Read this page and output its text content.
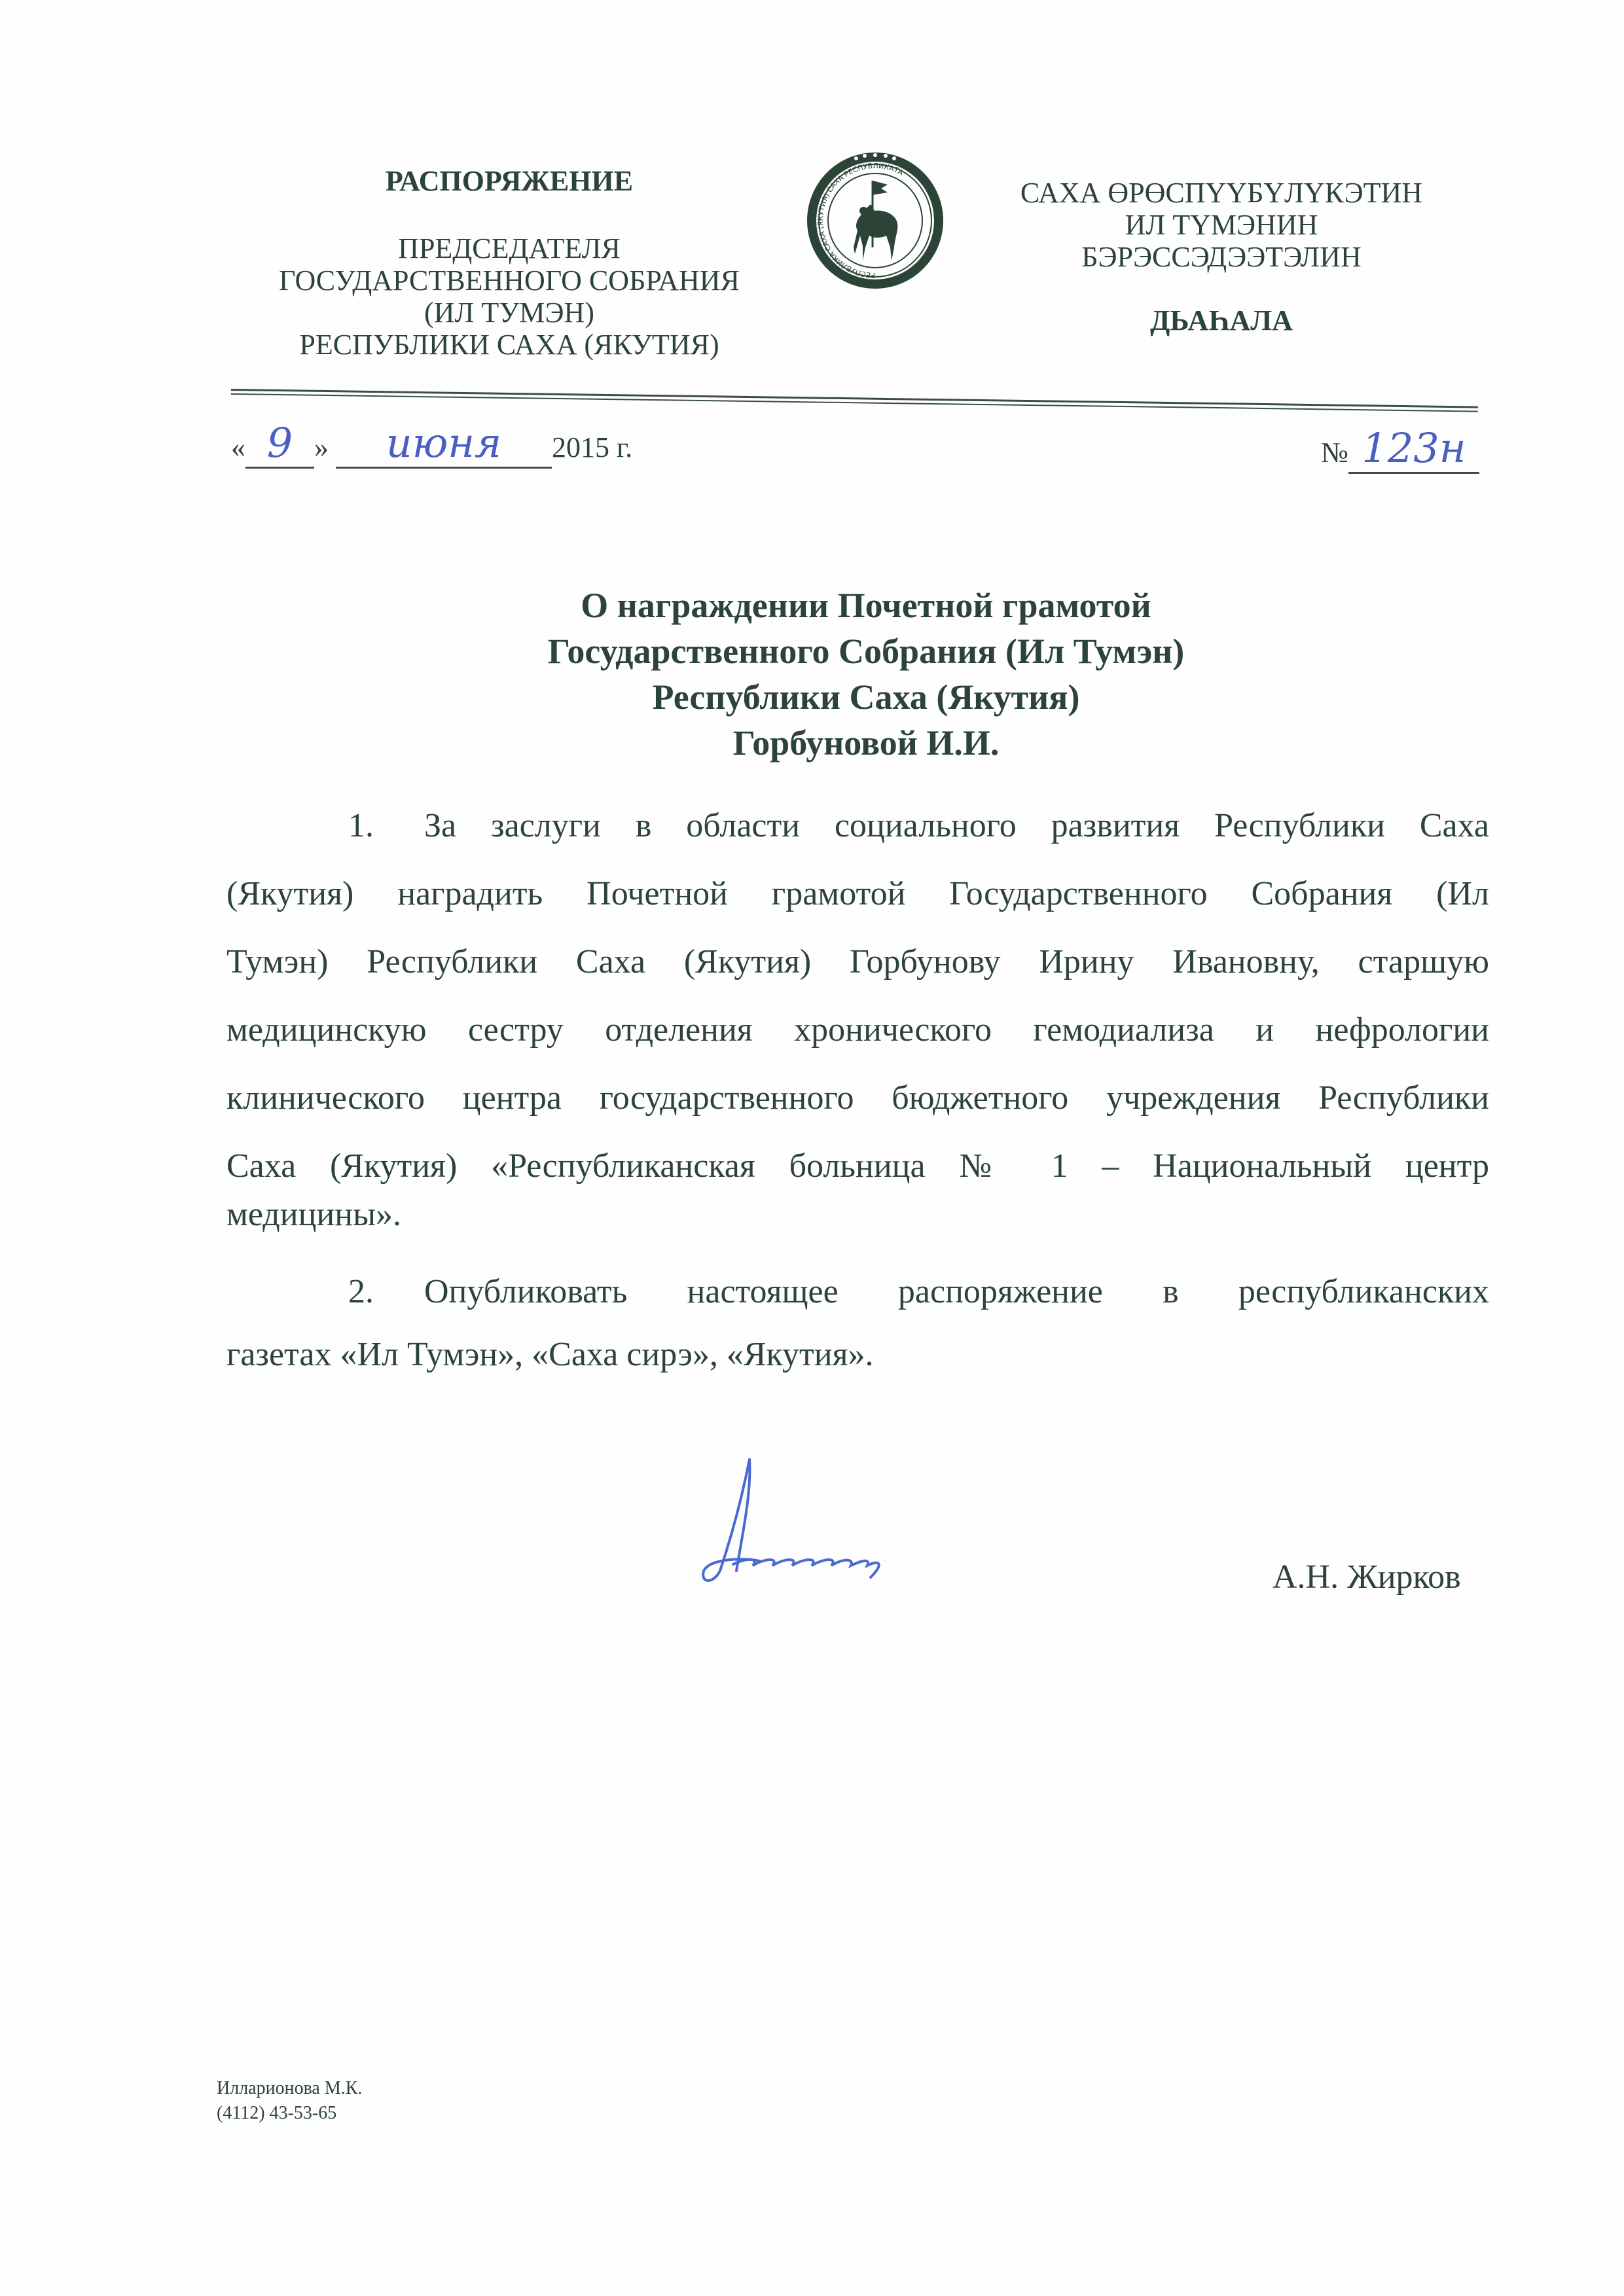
РАСПОРЯЖЕНИЕ
ПРЕДСЕДАТЕЛЯ
ГОСУДАРСТВЕННОГО СОБРАНИЯ
(ИЛ ТУМЭН)
РЕСПУБЛИКИ САХА (ЯКУТИЯ)
РЕСПУБЛИКА САХА (ЯКУТИЯ) САХА РЕСПУБЛИКАТА
САХА ӨРӨСПҮҮБҮЛҮКЭТИН
ИЛ ТҮМЭНИН
БЭРЭССЭДЭЭТЭЛИН
ДЬАҺАЛА
« 9 » июня 2015 г.	№ 123н
О награждении Почетной грамотой
Государственного Собрания (Ил Тумэн)
Республики Саха (Якутия)
Горбуновой И.И.
1. За заслуги в области социального развития Республики Саха
(Якутия) наградить Почетной грамотой Государственного Собрания (Ил
Тумэн) Республики Саха (Якутия) Горбунову Ирину Ивановну, старшую
медицинскую сестру отделения хронического гемодиализа и нефрологии
клинического центра государственного бюджетного учреждения Республики
Саха (Якутия) «Республиканская больница № 1 – Национальный центр
медицины».
2. Опубликовать настоящее распоряжение в республиканских
газетах «Ил Тумэн», «Саха сирэ», «Якутия».
А.Н. Жирков
Илларионова М.К.
(4112) 43-53-65
